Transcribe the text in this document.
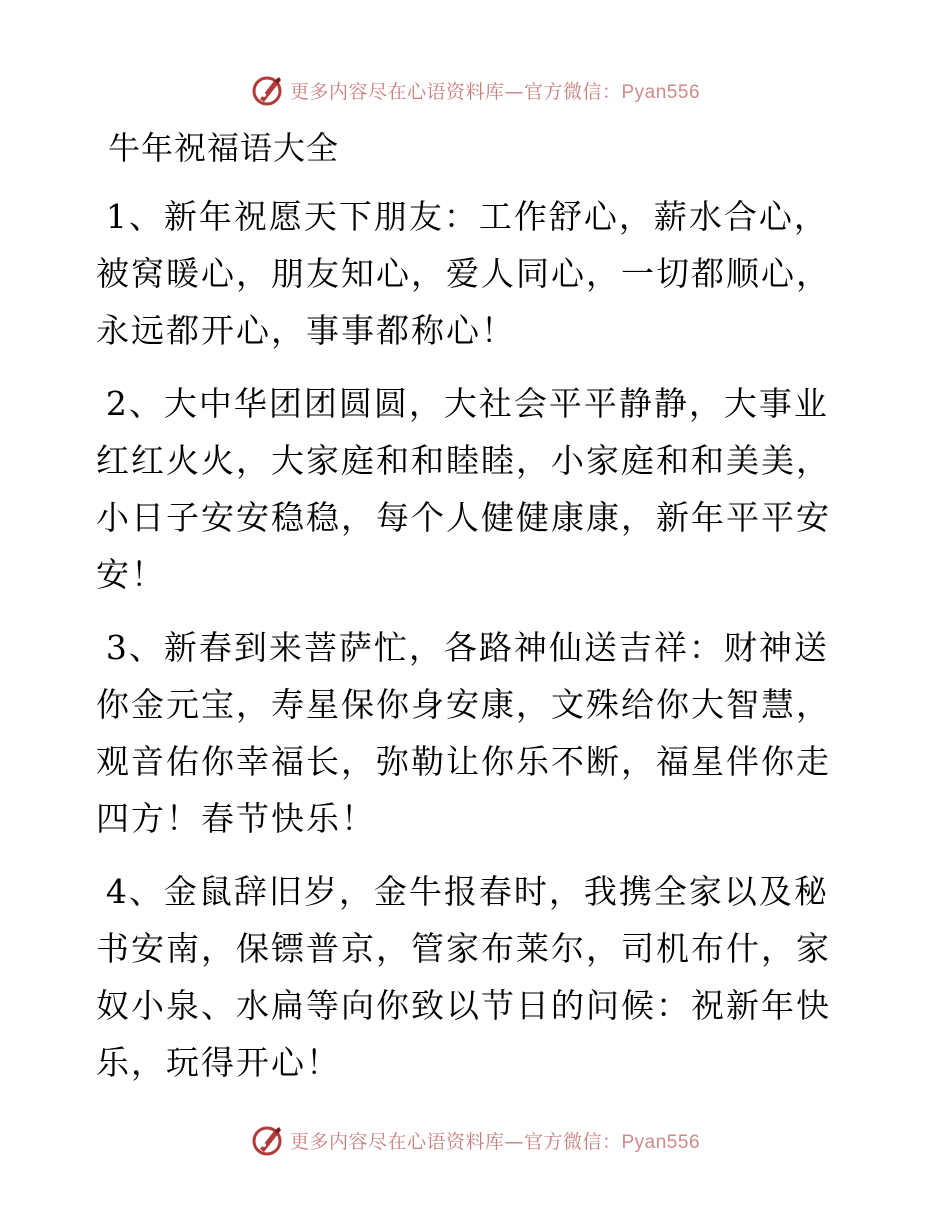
更多内容尽在心语资料库—官方微信：Pyan556
牛年祝福语大全

1、新年祝愿天下朋友：工作舒心，薪水合心，被窝暖心，朋友知心，爱人同心，一切都顺心，永远都开心，事事都称心！

2、大中华团团圆圆，大社会平平静静，大事业红红火火，大家庭和和睦睦，小家庭和和美美，小日子安安稳稳，每个人健健康康，新年平平安安！

3、新春到来菩萨忙，各路神仙送吉祥：财神送你金元宝，寿星保你身安康，文殊给你大智慧，观音佑你幸福长，弥勒让你乐不断，福星伴你走四方！春节快乐！

4、金鼠辞旧岁，金牛报春时，我携全家以及秘书安南，保镖普京，管家布莱尔，司机布什，家奴小泉、水扁等向你致以节日的问候：祝新年快乐，玩得开心！

更多内容尽在心语资料库—官方微信：Pyan556
